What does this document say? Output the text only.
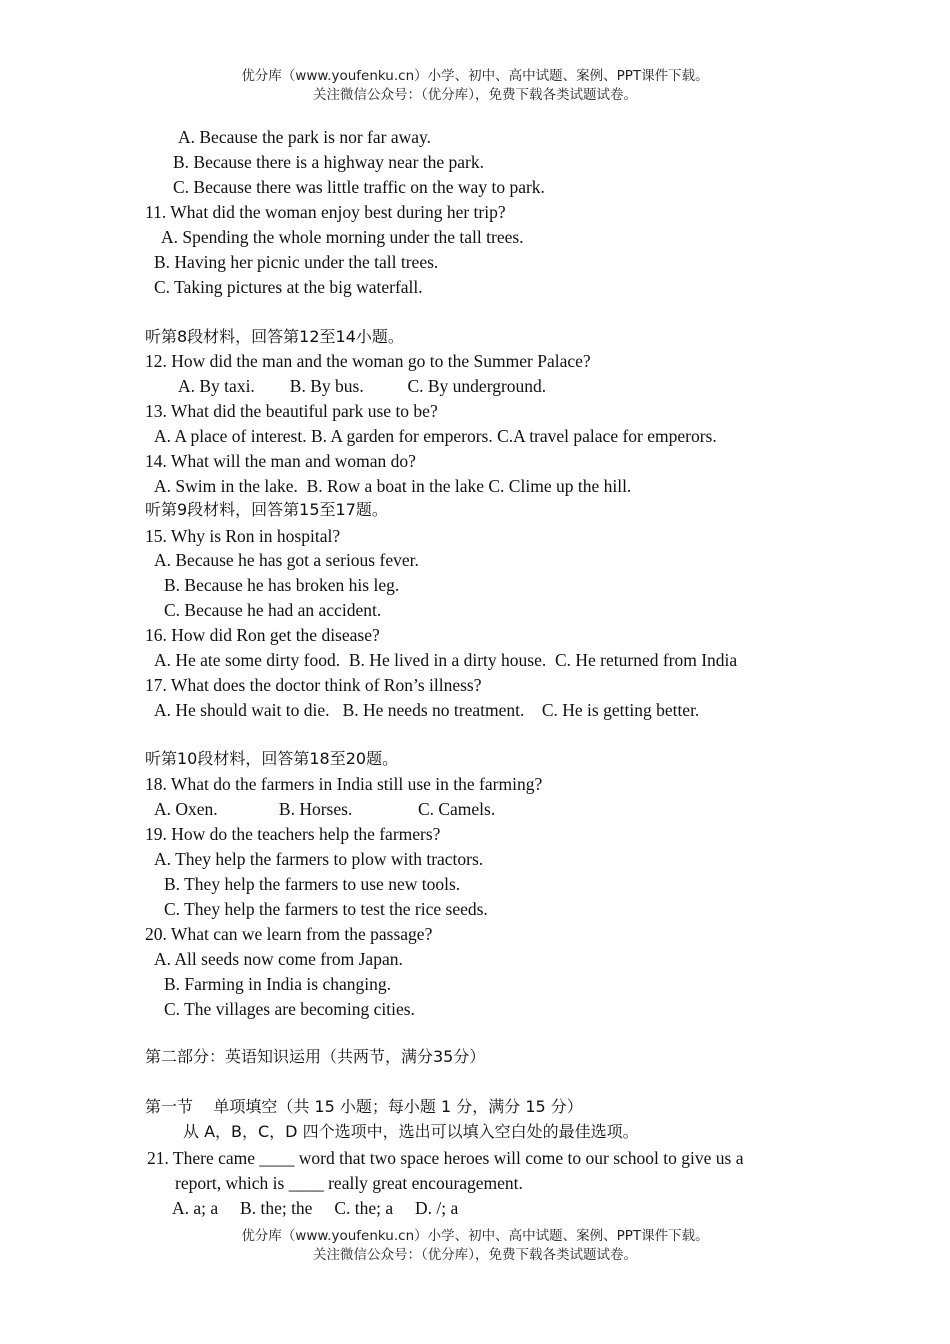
优分库（www.youfenku.cn）小学、初中、高中试题、案例、PPT课件下载。
关注微信公众号：（优分库），免费下载各类试题试卷。
A. Because the park is nor far away.
B. Because there is a highway near the park.
C. Because there was little traffic on the way to park.
11. What did the woman enjoy best during her trip?
A. Spending the whole morning under the tall trees.
B. Having her picnic under the tall trees.
C. Taking pictures at the big waterfall.
听第8段材料，回答第12至14小题。
12. How did the man and the woman go to the Summer Palace?
A. By taxi.        B. By bus.          C. By underground.
13. What did the beautiful park use to be?
A. A place of interest. B. A garden for emperors. C.A travel palace for emperors.
14. What will the man and woman do?
A. Swim in the lake.  B. Row a boat in the lake C. Clime up the hill.
听第9段材料，回答第15至17题。
15. Why is Ron in hospital?
A. Because he has got a serious fever.
B. Because he has broken his leg.
C. Because he had an accident.
16. How did Ron get the disease?
A. He ate some dirty food.  B. He lived in a dirty house.  C. He returned from India
17. What does the doctor think of Ron’s illness?
A. He should wait to die.   B. He needs no treatment.    C. He is getting better.
听第10段材料，回答第18至20题。
18. What do the farmers in India still use in the farming?
A. Oxen.              B. Horses.               C. Camels.
19. How do the teachers help the farmers?
A. They help the farmers to plow with tractors.
B. They help the farmers to use new tools.
C. They help the farmers to test the rice seeds.
20. What can we learn from the passage?
A. All seeds now come from Japan.
B. Farming in India is changing.
C. The villages are becoming cities.
第二部分：英语知识运用（共两节，满分35分）
第一节    单项填空（共 15 小题；每小题 1 分，满分 15 分）
从 A，B，C，D 四个选项中，选出可以填入空白处的最佳选项。
21. There came ____ word that two space heroes will come to our school to give us a
report, which is ____ really great encouragement.
A. a; a     B. the; the     C. the; a     D. /; a
优分库（www.youfenku.cn）小学、初中、高中试题、案例、PPT课件下载。
关注微信公众号：（优分库），免费下载各类试题试卷。
